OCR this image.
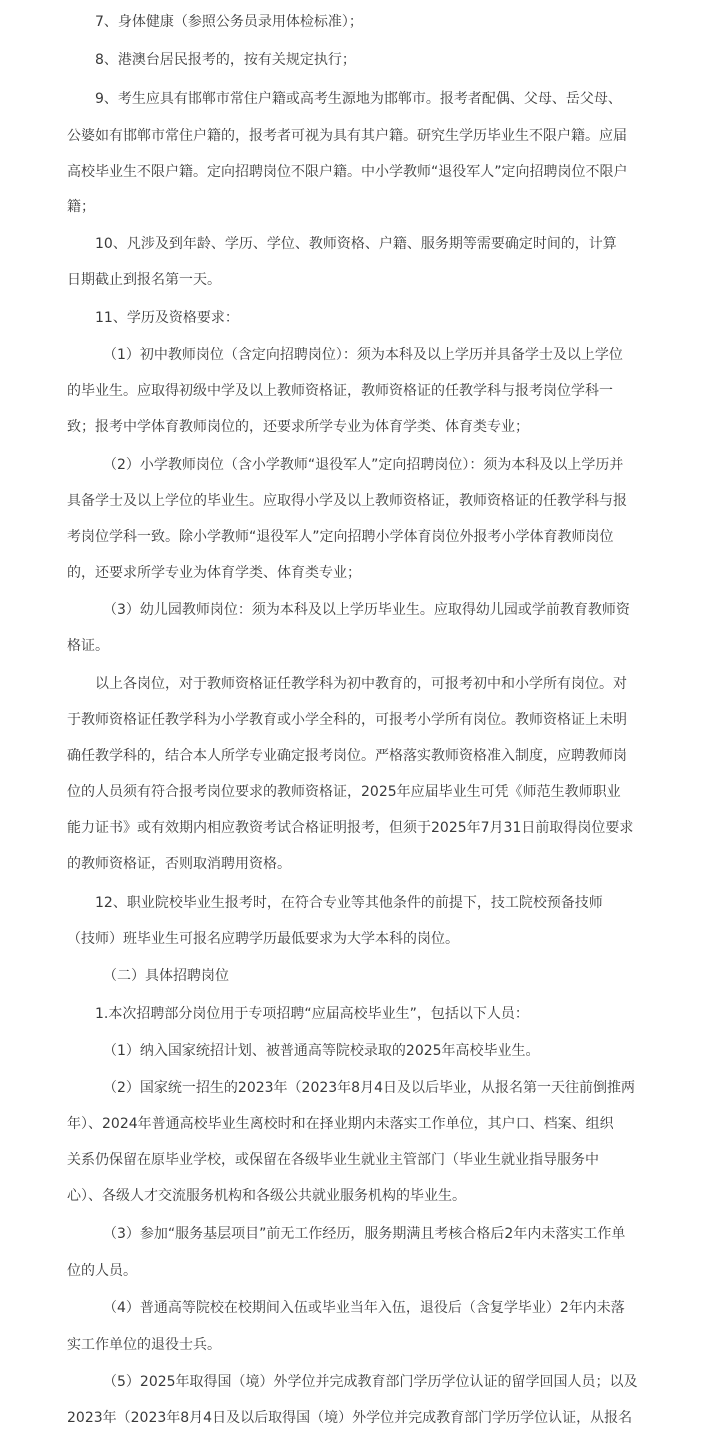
7、身体健康（参照公务员录用体检标准）；
8、港澳台居民报考的，按有关规定执行；
9、考生应具有邯郸市常住户籍或高考生源地为邯郸市。报考者配偶、父母、岳父母、
公婆如有邯郸市常住户籍的，报考者可视为具有其户籍。研究生学历毕业生不限户籍。应届
高校毕业生不限户籍。定向招聘岗位不限户籍。中小学教师“退役军人”定向招聘岗位不限户
籍；
10、凡涉及到年龄、学历、学位、教师资格、户籍、服务期等需要确定时间的，计算
日期截止到报名第一天。
11、学历及资格要求：
（1）初中教师岗位（含定向招聘岗位）：须为本科及以上学历并具备学士及以上学位
的毕业生。应取得初级中学及以上教师资格证，教师资格证的任教学科与报考岗位学科一
致；报考中学体育教师岗位的，还要求所学专业为体育学类、体育类专业；
（2）小学教师岗位（含小学教师“退役军人”定向招聘岗位）：须为本科及以上学历并
具备学士及以上学位的毕业生。应取得小学及以上教师资格证，教师资格证的任教学科与报
考岗位学科一致。除小学教师“退役军人”定向招聘小学体育岗位外报考小学体育教师岗位
的，还要求所学专业为体育学类、体育类专业；
（3）幼儿园教师岗位：须为本科及以上学历毕业生。应取得幼儿园或学前教育教师资
格证。
以上各岗位，对于教师资格证任教学科为初中教育的，可报考初中和小学所有岗位。对
于教师资格证任教学科为小学教育或小学全科的，可报考小学所有岗位。教师资格证上未明
确任教学科的，结合本人所学专业确定报考岗位。严格落实教师资格准入制度，应聘教师岗
位的人员须有符合报考岗位要求的教师资格证，2025年应届毕业生可凭《师范生教师职业
能力证书》或有效期内相应教资考试合格证明报考，但须于2025年7月31日前取得岗位要求
的教师资格证，否则取消聘用资格。
12、职业院校毕业生报考时，在符合专业等其他条件的前提下，技工院校预备技师
（技师）班毕业生可报名应聘学历最低要求为大学本科的岗位。
（二）具体招聘岗位
1.本次招聘部分岗位用于专项招聘“应届高校毕业生”，包括以下人员：
（1）纳入国家统招计划、被普通高等院校录取的2025年高校毕业生。
（2）国家统一招生的2023年（2023年8月4日及以后毕业，从报名第一天往前倒推两
年）、2024年普通高校毕业生离校时和在择业期内未落实工作单位，其户口、档案、组织
关系仍保留在原毕业学校，或保留在各级毕业生就业主管部门（毕业生就业指导服务中
心）、各级人才交流服务机构和各级公共就业服务机构的毕业生。
（3）参加“服务基层项目”前无工作经历，服务期满且考核合格后2年内未落实工作单
位的人员。
（4）普通高等院校在校期间入伍或毕业当年入伍，退役后（含复学毕业）2年内未落
实工作单位的退役士兵。
（5）2025年取得国（境）外学位并完成教育部门学历学位认证的留学回国人员；以及
2023年（2023年8月4日及以后取得国（境）外学位并完成教育部门学历学位认证，从报名
